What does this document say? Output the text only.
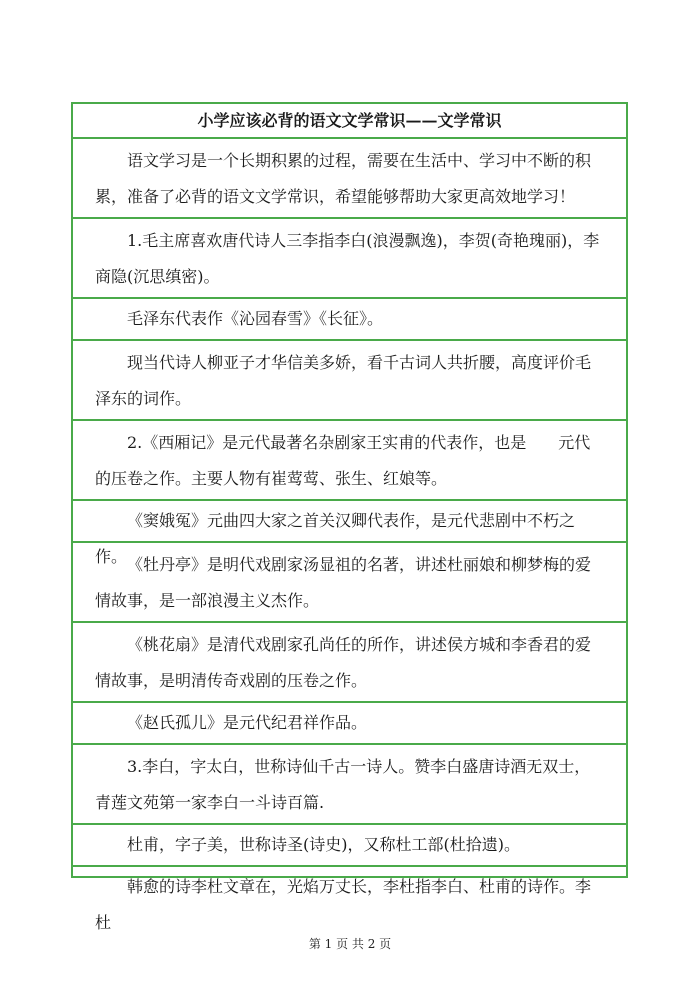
小学应该必背的语文文学常识——文学常识
语文学习是一个长期积累的过程，需要在生活中、学习中不断的积累，准备了必背的语文文学常识，希望能够帮助大家更高效地学习！
1.毛主席喜欢唐代诗人三李指李白(浪漫飘逸)，李贺(奇艳瑰丽)，李商隐(沉思缜密)。
毛泽东代表作《沁园春雪》《长征》。
现当代诗人柳亚子才华信美多娇，看千古词人共折腰，高度评价毛泽东的词作。
2.《西厢记》是元代最著名杂剧家王实甫的代表作，也是　　元代的压卷之作。主要人物有崔莺莺、张生、红娘等。
《窦娥冤》元曲四大家之首关汉卿代表作，是元代悲剧中不朽之作。 《牡丹亭》是明代戏剧家汤显祖的名著，讲述杜丽娘和柳梦梅的爱情故事，是一部浪漫主义杰作。
《桃花扇》是清代戏剧家孔尚任的所作，讲述侯方城和李香君的爱情故事，是明清传奇戏剧的压卷之作。
《赵氏孤儿》是元代纪君祥作品。
3.李白，字太白，世称诗仙千古一诗人。赞李白盛唐诗酒无双士，青莲文苑第一家李白一斗诗百篇.
杜甫，字子美，世称诗圣(诗史)，又称杜工部(杜拾遗)。
韩愈的诗李杜文章在，光焰万丈长，李杜指李白、杜甫的诗作。李杜
第 1 页 共 2 页
